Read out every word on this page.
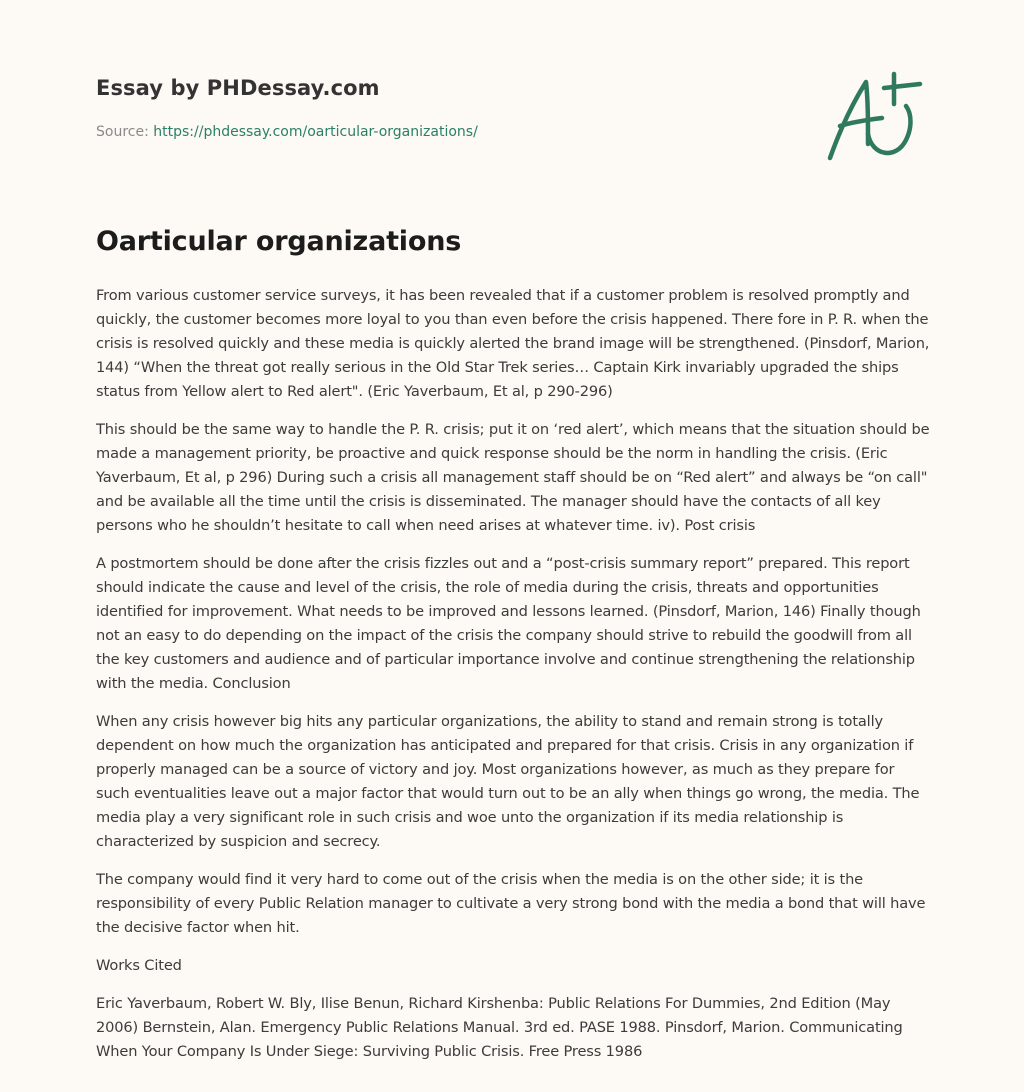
Essay by PHDessay.com
Source: https://phdessay.com/oarticular-organizations/
Oarticular organizations

From various customer service surveys, it has been revealed that if a customer problem is resolved promptly and quickly, the customer becomes more loyal to you than even before the crisis happened. There fore in P. R. when the crisis is resolved quickly and these media is quickly alerted the brand image will be strengthened. (Pinsdorf, Marion, 144) “When the threat got really serious in the Old Star Trek series… Captain Kirk invariably upgraded the ships status from Yellow alert to Red alert". (Eric Yaverbaum, Et al, p 290-296)

This should be the same way to handle the P. R. crisis; put it on ‘red alert’, which means that the situation should be made a management priority, be proactive and quick response should be the norm in handling the crisis. (Eric Yaverbaum, Et al, p 296) During such a crisis all management staff should be on “Red alert” and always be “on call" and be available all the time until the crisis is disseminated. The manager should have the contacts of all key persons who he shouldn’t hesitate to call when need arises at whatever time. iv). Post crisis

A postmortem should be done after the crisis fizzles out and a “post-crisis summary report” prepared. This report should indicate the cause and level of the crisis, the role of media during the crisis, threats and opportunities identified for improvement. What needs to be improved and lessons learned. (Pinsdorf, Marion, 146) Finally though not an easy to do depending on the impact of the crisis the company should strive to rebuild the goodwill from all the key customers and audience and of particular importance involve and continue strengthening the relationship with the media. Conclusion

When any crisis however big hits any particular organizations, the ability to stand and remain strong is totally dependent on how much the organization has anticipated and prepared for that crisis. Crisis in any organization if properly managed can be a source of victory and joy. Most organizations however, as much as they prepare for such eventualities leave out a major factor that would turn out to be an ally when things go wrong, the media. The media play a very significant role in such crisis and woe unto the organization if its media relationship is characterized by suspicion and secrecy.

The company would find it very hard to come out of the crisis when the media is on the other side; it is the responsibility of every Public Relation manager to cultivate a very strong bond with the media a bond that will have the decisive factor when hit.

Works Cited

Eric Yaverbaum, Robert W. Bly, Ilise Benun, Richard Kirshenba: Public Relations For Dummies, 2nd Edition (May 2006) Bernstein, Alan. Emergency Public Relations Manual. 3rd ed. PASE 1988. Pinsdorf, Marion. Communicating When Your Company Is Under Siege: Surviving Public Crisis. Free Press 1986
